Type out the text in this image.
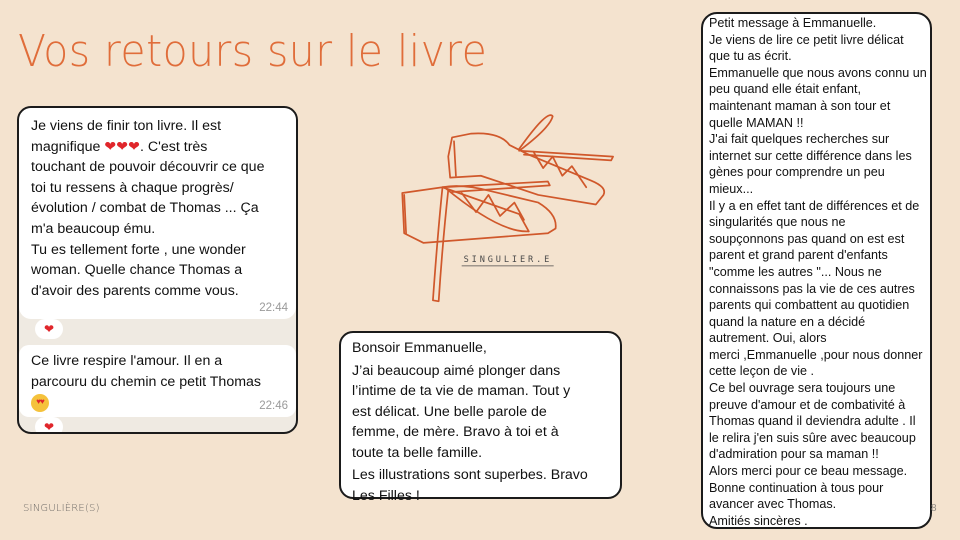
Vos retours sur le livre
Je viens de finir ton livre. Il est
magnifique ❤❤❤. C'est très
touchant de pouvoir découvrir ce que
toi tu ressens à chaque progrès/
évolution / combat de Thomas ... Ça
m'a beaucoup ému.
Tu es tellement forte , une wonder
woman. Quelle chance Thomas a
d'avoir des parents comme vous.
22:44
❤
Ce livre respire l'amour. Il en a
parcouru du chemin ce petit Thomas
♥♥	22:46
❤
SINGULIER.E

Bonsoir Emmanuelle,

J’ai beaucoup aimé plonger dans
l’intime de ta vie de maman. Tout y
est délicat. Une belle parole de
femme, de mère. Bravo à toi et à
toute ta belle famille.

Les illustrations sont superbes. Bravo
Les Filles !

Petit message à Emmanuelle.
Je viens de lire ce petit livre délicat
que tu as écrit.
Emmanuelle que nous avons connu un
peu quand elle était enfant,
maintenant maman à son tour et
quelle MAMAN !!
J'ai fait quelques recherches sur
internet sur cette différence dans les
gènes pour comprendre un peu
mieux...
Il y a en effet tant de différences et de
singularités que nous ne
soupçonnons pas quand on est est
parent et grand parent d'enfants
"comme les autres "... Nous ne
connaissons pas la vie de ces autres
parents qui combattent au quotidien
quand la nature en a décidé
autrement. Oui, alors
merci ,Emmanuelle ,pour nous donner
cette leçon de vie .
Ce bel ouvrage sera toujours une
preuve d'amour et de combativité à
Thomas quand il deviendra adulte . Il
le relira j'en suis sûre avec beaucoup
d'admiration pour sa maman !!
Alors merci pour ce beau message.
Bonne continuation à tous pour
avancer avec Thomas.
Amitiés sincères .
SINGULIÈRE(S)	8
